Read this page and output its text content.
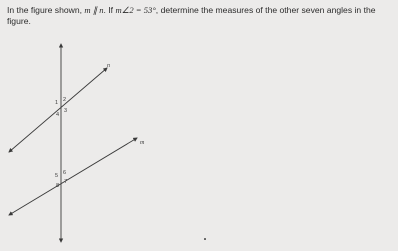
In the figure shown, m ∥ n. If m∠2 = 53°, determine the measures of the other seven angles in the figure.

n
m
1 2
3
4
5 6
7
8
